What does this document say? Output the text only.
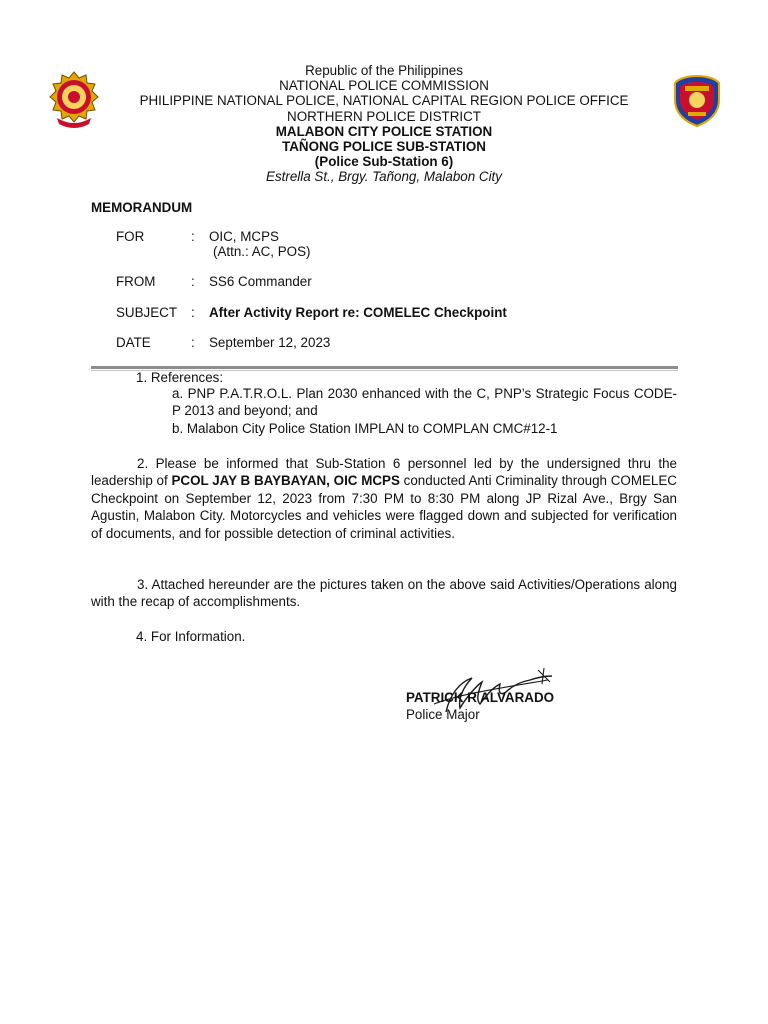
Republic of the Philippines
NATIONAL POLICE COMMISSION
PHILIPPINE NATIONAL POLICE, NATIONAL CAPITAL REGION POLICE OFFICE
NORTHERN POLICE DISTRICT
MALABON CITY POLICE STATION
TAÑONG POLICE SUB-STATION
(Police Sub-Station 6)
Estrella St., Brgy. Tañong, Malabon City
MEMORANDUM
FOR	: OIC, MCPS
(Attn.: AC, POS)
FROM	: SS6 Commander
SUBJECT : After Activity Report re: COMELEC Checkpoint
DATE	: September 12, 2023
1. References:
a. PNP P.A.T.R.O.L. Plan 2030 enhanced with the C, PNP’s Strategic Focus CODE-P 2013 and beyond; and
b. Malabon City Police Station IMPLAN to COMPLAN CMC#12-1
2. Please be informed that Sub-Station 6 personnel led by the undersigned thru the leadership of PCOL JAY B BAYBAYAN, OIC MCPS conducted Anti Criminality through COMELEC Checkpoint on September 12, 2023 from 7:30 PM to 8:30 PM along JP Rizal Ave., Brgy San Agustin, Malabon City. Motorcycles and vehicles were flagged down and subjected for verification of documents, and for possible detection of criminal activities.
3. Attached hereunder are the pictures taken on the above said Activities/Operations along with the recap of accomplishments.
4. For Information.
PATRICK R ALVARADO
Police Major
